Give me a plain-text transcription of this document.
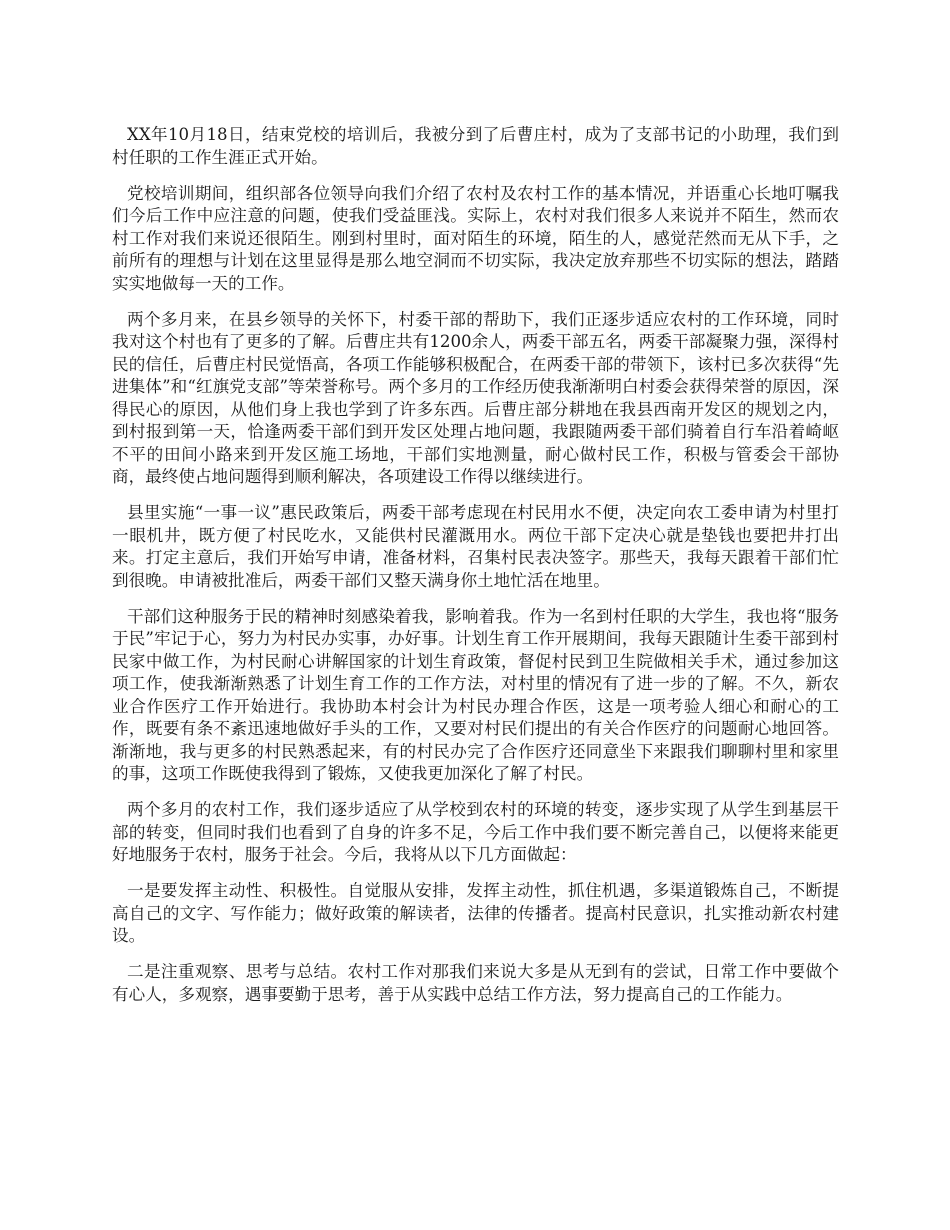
XX年10月18日，结束党校的培训后，我被分到了后曹庄村，成为了支部书记的小助理，我们到村任职的工作生涯正式开始。

党校培训期间，组织部各位领导向我们介绍了农村及农村工作的基本情况，并语重心长地叮嘱我们今后工作中应注意的问题，使我们受益匪浅。实际上，农村对我们很多人来说并不陌生，然而农村工作对我们来说还很陌生。刚到村里时，面对陌生的环境，陌生的人，感觉茫然而无从下手，之前所有的理想与计划在这里显得是那么地空洞而不切实际，我决定放弃那些不切实际的想法，踏踏实实地做每一天的工作。

两个多月来，在县乡领导的关怀下，村委干部的帮助下，我们正逐步适应农村的工作环境，同时我对这个村也有了更多的了解。后曹庄共有1200余人，两委干部五名，两委干部凝聚力强，深得村民的信任，后曹庄村民觉悟高，各项工作能够积极配合，在两委干部的带领下，该村已多次获得“先进集体”和“红旗党支部”等荣誉称号。两个多月的工作经历使我渐渐明白村委会获得荣誉的原因，深得民心的原因，从他们身上我也学到了许多东西。后曹庄部分耕地在我县西南开发区的规划之内，到村报到第一天，恰逢两委干部们到开发区处理占地问题，我跟随两委干部们骑着自行车沿着崎岖不平的田间小路来到开发区施工场地，干部们实地测量，耐心做村民工作，积极与管委会干部协商，最终使占地问题得到顺利解决，各项建设工作得以继续进行。

县里实施“一事一议”惠民政策后，两委干部考虑现在村民用水不便，决定向农工委申请为村里打一眼机井，既方便了村民吃水，又能供村民灌溉用水。两位干部下定决心就是垫钱也要把井打出来。打定主意后，我们开始写申请，准备材料，召集村民表决签字。那些天，我每天跟着干部们忙到很晚。申请被批准后，两委干部们又整天满身你土地忙活在地里。

干部们这种服务于民的精神时刻感染着我，影响着我。作为一名到村任职的大学生，我也将“服务于民”牢记于心，努力为村民办实事，办好事。计划生育工作开展期间，我每天跟随计生委干部到村民家中做工作，为村民耐心讲解国家的计划生育政策，督促村民到卫生院做相关手术，通过参加这项工作，使我渐渐熟悉了计划生育工作的工作方法，对村里的情况有了进一步的了解。不久，新农业合作医疗工作开始进行。我协助本村会计为村民办理合作医，这是一项考验人细心和耐心的工作，既要有条不紊迅速地做好手头的工作，又要对村民们提出的有关合作医疗的问题耐心地回答。渐渐地，我与更多的村民熟悉起来，有的村民办完了合作医疗还同意坐下来跟我们聊聊村里和家里的事，这项工作既使我得到了锻炼，又使我更加深化了解了村民。

两个多月的农村工作，我们逐步适应了从学校到农村的环境的转变，逐步实现了从学生到基层干部的转变，但同时我们也看到了自身的许多不足，今后工作中我们要不断完善自己，以便将来能更好地服务于农村，服务于社会。今后，我将从以下几方面做起：

一是要发挥主动性、积极性。自觉服从安排，发挥主动性，抓住机遇，多渠道锻炼自己，不断提高自己的文字、写作能力；做好政策的解读者，法律的传播者。提高村民意识，扎实推动新农村建设。

二是注重观察、思考与总结。农村工作对那我们来说大多是从无到有的尝试，日常工作中要做个有心人，多观察，遇事要勤于思考，善于从实践中总结工作方法，努力提高自己的工作能力。
